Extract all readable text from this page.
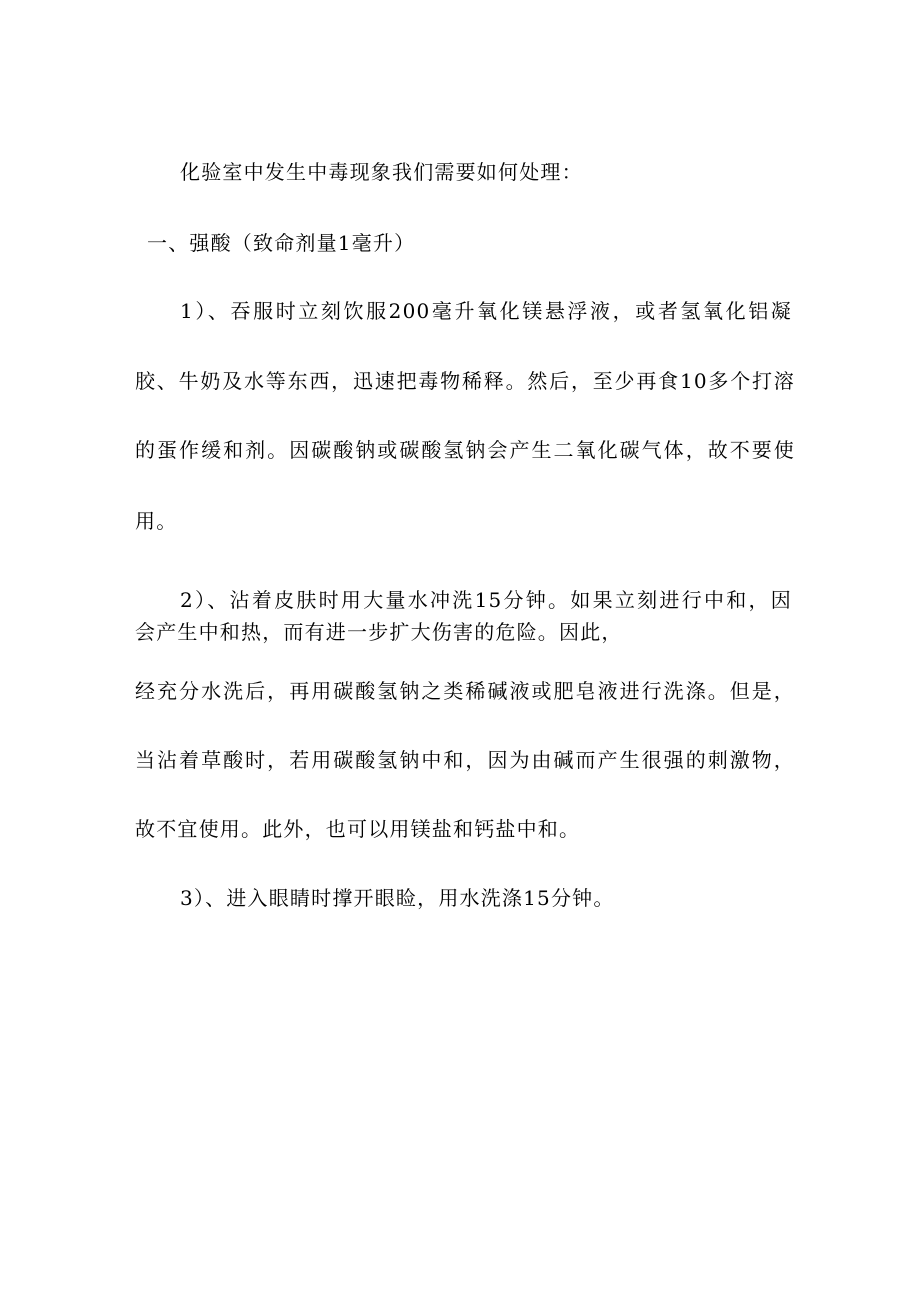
化验室中发生中毒现象我们需要如何处理：
一、强酸（致命剂量1毫升）
1）、吞服时立刻饮服200毫升氧化镁悬浮液，或者氢氧化铝凝
胶、牛奶及水等东西，迅速把毒物稀释。然后，至少再食10多个打溶
的蛋作缓和剂。因碳酸钠或碳酸氢钠会产生二氧化碳气体，故不要使
用。
2）、沾着皮肤时用大量水冲洗15分钟。如果立刻进行中和，因
会产生中和热，而有进一步扩大伤害的危险。因此，
经充分水洗后，再用碳酸氢钠之类稀碱液或肥皂液进行洗涤。但是，
当沾着草酸时，若用碳酸氢钠中和，因为由碱而产生很强的刺激物，
故不宜使用。此外，也可以用镁盐和钙盐中和。
3）、进入眼睛时撑开眼睑，用水洗涤15分钟。
